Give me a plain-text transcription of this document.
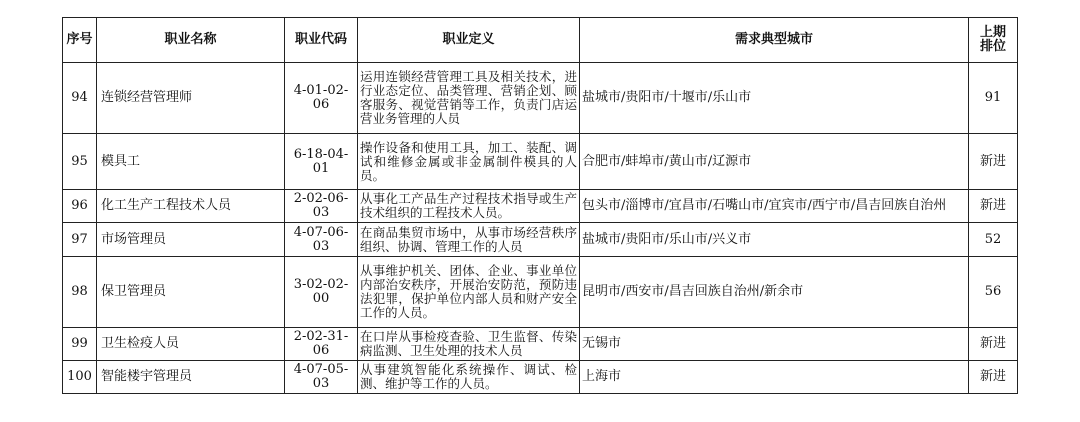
序号	职业名称	职业代码	职业定义	需求典型城市	上期
排位

94	连锁经营管理师	4-01-02-06	运用连锁经营管理工具及相关技术，进行业态定位、品类管理、营销企划、顾客服务、视觉营销等工作，负责门店运营业务管理的人员	盐城市/贵阳市/十堰市/乐山市	91
95	模具工	6-18-04-01	操作设备和使用工具，加工、装配、调试和维修金属或非金属制件模具的人员。	合肥市/蚌埠市/黄山市/辽源市	新进
96	化工生产工程技术人员	2-02-06-03	从事化工产品生产过程技术指导或生产技术组织的工程技术人员。	包头市/淄博市/宜昌市/石嘴山市/宜宾市/西宁市/昌吉回族自治州	新进
97	市场管理员	4-07-06-03	在商品集贸市场中，从事市场经营秩序组织、协调、管理工作的人员	盐城市/贵阳市/乐山市/兴义市	52
98	保卫管理员	3-02-02-00	从事维护机关、团体、企业、事业单位内部治安秩序，开展治安防范，预防违法犯罪，保护单位内部人员和财产安全工作的人员。	昆明市/西安市/昌吉回族自治州/新余市	56
99	卫生检疫人员	2-02-31-06	在口岸从事检疫查验、卫生监督、传染病监测、卫生处理的技术人员	无锡市	新进
100	智能楼宇管理员	4-07-05-03	从事建筑智能化系统操作、调试、检测、维护等工作的人员。	上海市	新进
